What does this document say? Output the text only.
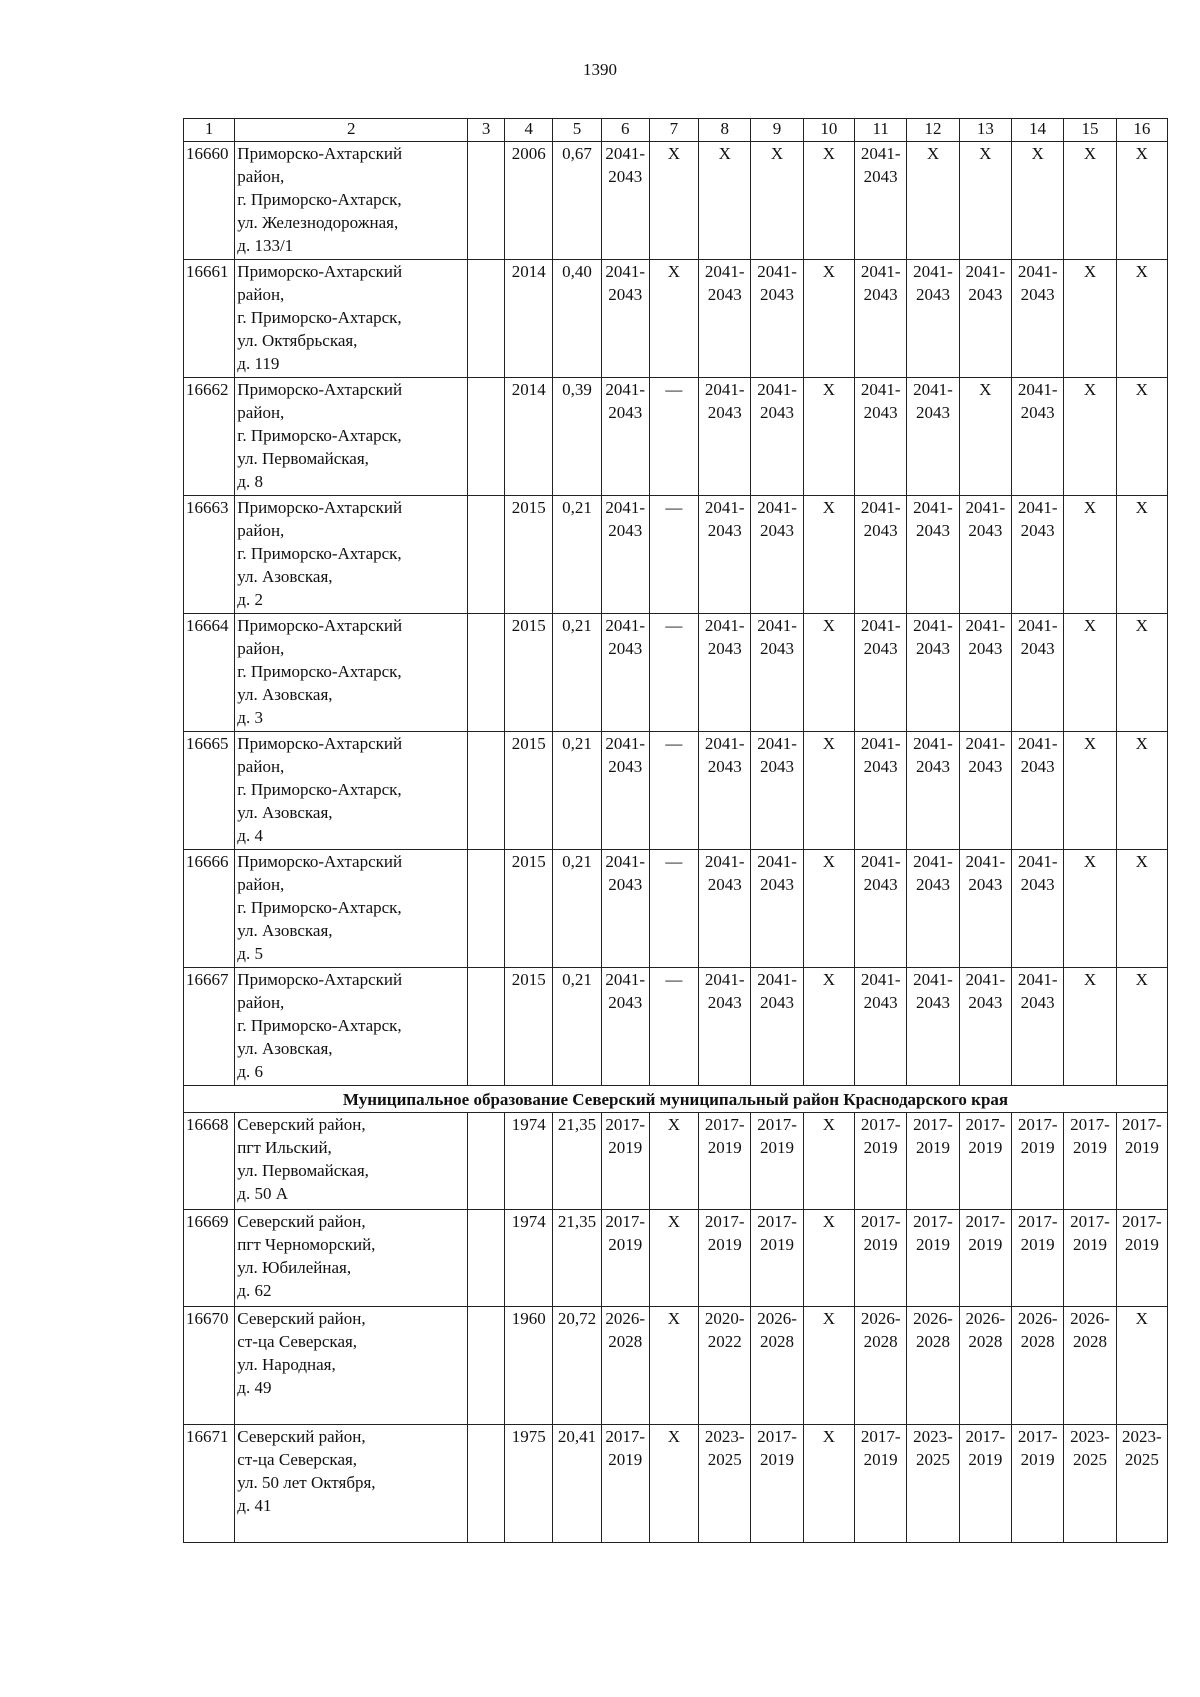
1390
1	2	3	4	5	6	7	8	9	10	11	12	13	14	15	16
16660	Приморско-Ахтарский
район,
г. Приморско-Ахтарск,
ул. Железнодорожная,
д. 133/1		2006	0,67	2041-
2043	X	X	X	X	2041-
2043	X	X	X	X	X
16661	Приморско-Ахтарский
район,
г. Приморско-Ахтарск,
ул. Октябрьская,
д. 119		2014	0,40	2041-
2043	X	2041-
2043	2041-
2043	X	2041-
2043	2041-
2043	2041-
2043	2041-
2043	X	X
16662	Приморско-Ахтарский
район,
г. Приморско-Ахтарск,
ул. Первомайская,
д. 8		2014	0,39	2041-
2043	—	2041-
2043	2041-
2043	X	2041-
2043	2041-
2043	X	2041-
2043	X	X
16663	Приморско-Ахтарский
район,
г. Приморско-Ахтарск,
ул. Азовская,
д. 2		2015	0,21	2041-
2043	—	2041-
2043	2041-
2043	X	2041-
2043	2041-
2043	2041-
2043	2041-
2043	X	X
16664	Приморско-Ахтарский
район,
г. Приморско-Ахтарск,
ул. Азовская,
д. 3		2015	0,21	2041-
2043	—	2041-
2043	2041-
2043	X	2041-
2043	2041-
2043	2041-
2043	2041-
2043	X	X
16665	Приморско-Ахтарский
район,
г. Приморско-Ахтарск,
ул. Азовская,
д. 4		2015	0,21	2041-
2043	—	2041-
2043	2041-
2043	X	2041-
2043	2041-
2043	2041-
2043	2041-
2043	X	X
16666	Приморско-Ахтарский
район,
г. Приморско-Ахтарск,
ул. Азовская,
д. 5		2015	0,21	2041-
2043	—	2041-
2043	2041-
2043	X	2041-
2043	2041-
2043	2041-
2043	2041-
2043	X	X
16667	Приморско-Ахтарский
район,
г. Приморско-Ахтарск,
ул. Азовская,
д. 6		2015	0,21	2041-
2043	—	2041-
2043	2041-
2043	X	2041-
2043	2041-
2043	2041-
2043	2041-
2043	X	X
Муниципальное образование Северский муниципальный район Краснодарского края															
16668	Северский район,
пгт Ильский,
ул. Первомайская,
д. 50 А		1974	21,35	2017-
2019	X	2017-
2019	2017-
2019	X	2017-
2019	2017-
2019	2017-
2019	2017-
2019	2017-
2019	2017-
2019
16669	Северский район,
пгт Черноморский,
ул. Юбилейная,
д. 62		1974	21,35	2017-
2019	X	2017-
2019	2017-
2019	X	2017-
2019	2017-
2019	2017-
2019	2017-
2019	2017-
2019	2017-
2019
16670	Северский район,
ст-ца Северская,
ул. Народная,
д. 49		1960	20,72	2026-
2028	X	2020-
2022	2026-
2028	X	2026-
2028	2026-
2028	2026-
2028	2026-
2028	2026-
2028	X
16671	Северский район,
ст-ца Северская,
ул. 50 лет Октября,
д. 41		1975	20,41	2017-
2019	X	2023-
2025	2017-
2019	X	2017-
2019	2023-
2025	2017-
2019	2017-
2019	2023-
2025	2023-
2025
